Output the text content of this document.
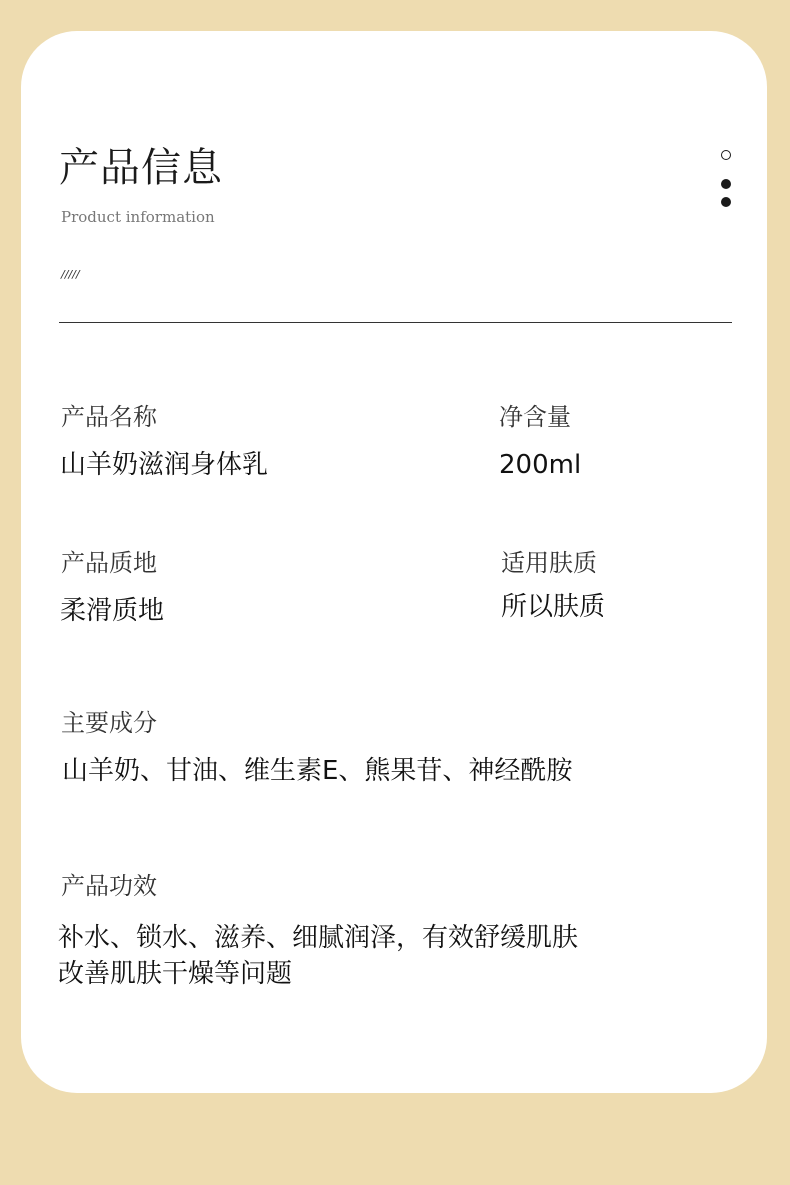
产品信息
Product information
/////
产品名称
山羊奶滋润身体乳
净含量
200ml
产品质地
柔滑质地
适用肤质
所以肤质
主要成分
山羊奶、甘油、维生素E、熊果苷、神经酰胺
产品功效
补水、锁水、滋养、细腻润泽，有效舒缓肌肤
改善肌肤干燥等问题
